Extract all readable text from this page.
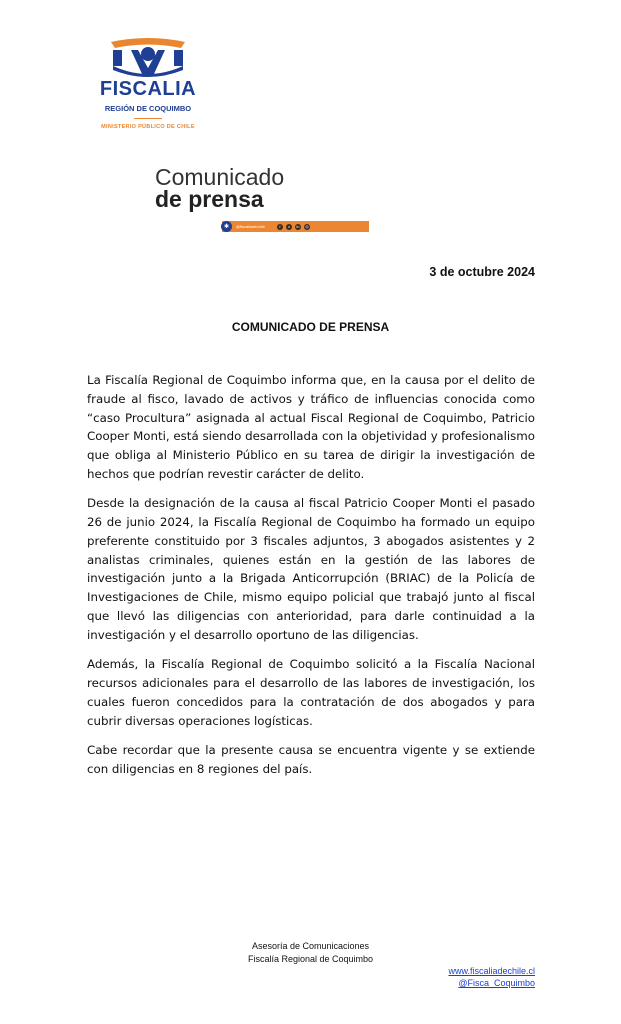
FISCALIA
REGIÓN DE COQUIMBO
MINISTERIO PÚBLICO DE CHILE
Comunicado
de prensa
✱	@fiscaliadechile	f	x	in	◎
3 de octubre 2024
COMUNICADO DE PRENSA

La Fiscalía Regional de Coquimbo informa que, en la causa por el delito de fraude al fisco, lavado de activos y tráfico de influencias conocida como “caso Procultura” asignada al actual Fiscal Regional de Coquimbo, Patricio Cooper Monti, está siendo desarrollada con la objetividad y profesionalismo que obliga al Ministerio Público en su tarea de dirigir la investigación de hechos que podrían revestir carácter de delito.

Desde la designación de la causa al fiscal Patricio Cooper Monti el pasado 26 de junio 2024, la Fiscalía Regional de Coquimbo ha formado un equipo preferente constituido por 3 fiscales adjuntos, 3 abogados asistentes y 2 analistas criminales, quienes están en la gestión de las labores de investigación junto a la Brigada Anticorrupción (BRIAC) de la Policía de Investigaciones de Chile, mismo equipo policial que trabajó junto al fiscal que llevó las diligencias con anterioridad, para darle continuidad a la investigación y el desarrollo oportuno de las diligencias.

Además, la Fiscalía Regional de Coquimbo solicitó a la Fiscalía Nacional recursos adicionales para el desarrollo de las labores de investigación, los cuales fueron concedidos para la contratación de dos abogados y para cubrir diversas operaciones logísticas.

Cabe recordar que la presente causa se encuentra vigente y se extiende con diligencias en 8 regiones del país.

Asesoría de Comunicaciones
Fiscalía Regional de Coquimbo
www.fiscaliadechile.cl
@Fisca_Coquimbo
